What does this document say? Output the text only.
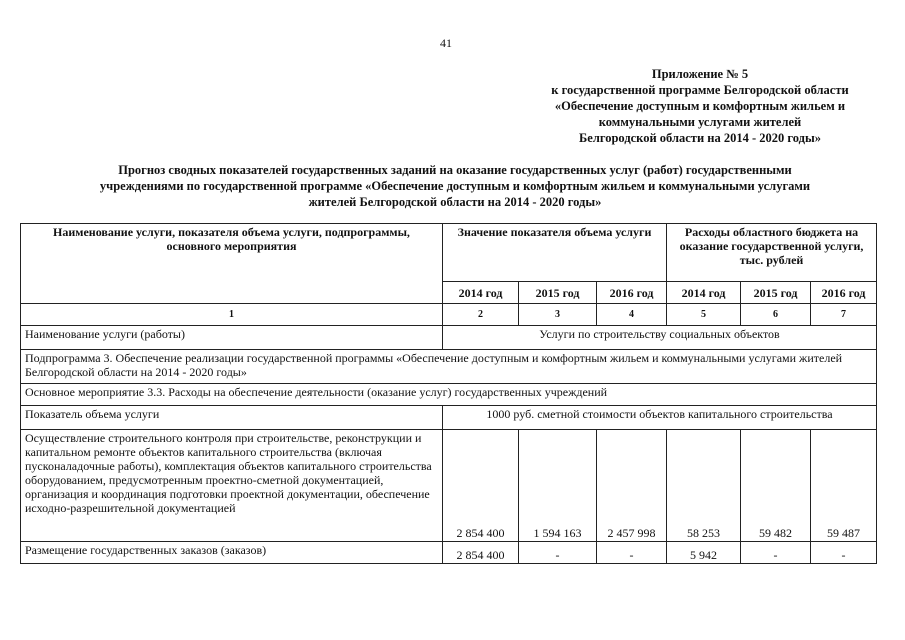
41
Приложение № 5
к государственной программе Белгородской области
«Обеспечение доступным и комфортным жильем и
коммунальными услугами жителей
Белгородской области на 2014 - 2020 годы»
Прогноз сводных показателей государственных заданий на оказание государственных услуг (работ) государственными
учреждениями по государственной программе «Обеспечение доступным и комфортным жильем и коммунальными услугами
жителей Белгородской области на 2014 - 2020 годы»
Наименование услуги, показателя объема услуги, подпрограммы, основного мероприятия	Значение показателя объема услуги			Расходы областного бюджета на оказание государственной услуги, тыс. рублей		
	2014 год	2015 год	2016 год	2014 год	2015 год	2016 год
1	2	3	4	5	6	7
Наименование услуги (работы)	Услуги по строительству социальных объектов					
Подпрограмма 3. Обеспечение реализации государственной программы «Обеспечение доступным и комфортным жильем и коммунальными услугами жителей Белгородской области на 2014 - 2020 годы»						
Основное мероприятие 3.3. Расходы на обеспечение деятельности (оказание услуг) государственных учреждений						
Показатель объема услуги	1000 руб. сметной стоимости объектов капитального строительства					
Осуществление строительного контроля при строительстве, реконструкции и капитальном ремонте объектов капитального строительства (включая пусконаладочные работы), комплектация объектов капитального строительства оборудованием, предусмотренным проектно-сметной документацией, организация и координация подготовки проектной документации, обеспечение исходно-разрешительной документацией	2 854 400	1 594 163	2 457 998	58 253	59 482	59 487
Размещение государственных заказов (заказов)	2 854 400	-	-	5 942	-	-
